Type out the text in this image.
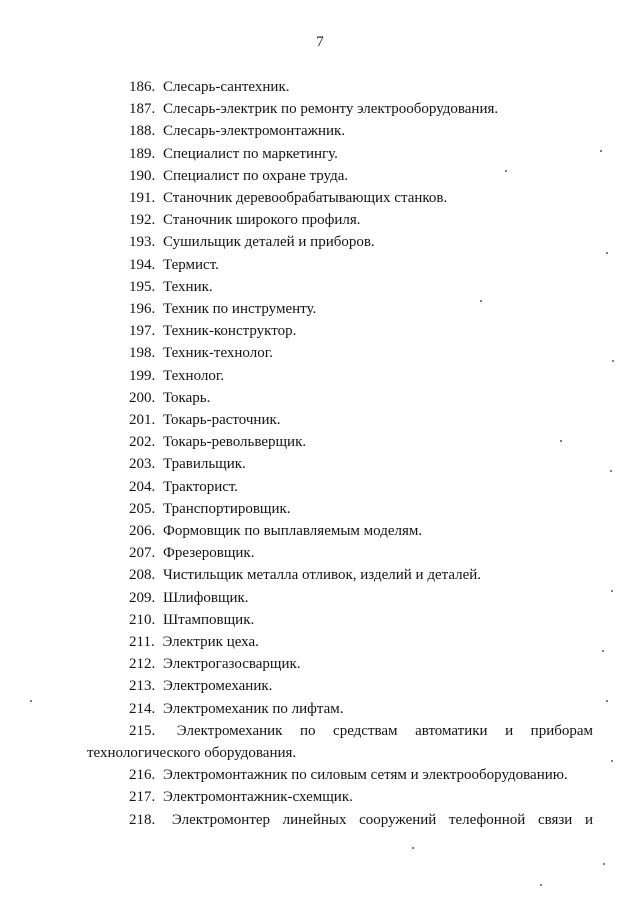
7
186. Слесарь-сантехник.
187. Слесарь-электрик по ремонту электрооборудования.
188. Слесарь-электромонтажник.
189. Специалист по маркетингу.
190. Специалист по охране труда.
191. Станочник деревообрабатывающих станков.
192. Станочник широкого профиля.
193. Сушильщик деталей и приборов.
194. Термист.
195. Техник.
196. Техник по инструменту.
197. Техник-конструктор.
198. Техник-технолог.
199. Технолог.
200. Токарь.
201. Токарь-расточник.
202. Токарь-револьверщик.
203. Травильщик.
204. Тракторист.
205. Транспортировщик.
206. Формовщик по выплавляемым моделям.
207. Фрезеровщик.
208. Чистильщик металла отливок, изделий и деталей.
209. Шлифовщик.
210. Штамповщик.
211. Электрик цеха.
212. Электрогазосварщик.
213. Электромеханик.
214. Электромеханик по лифтам.
215. Электромеханик по средствам автоматики и приборам
технологического оборудования.
216. Электромонтажник по силовым сетям и электрооборудованию.
217. Электромонтажник-схемщик.
218. Электромонтер линейных сооружений телефонной связи и
